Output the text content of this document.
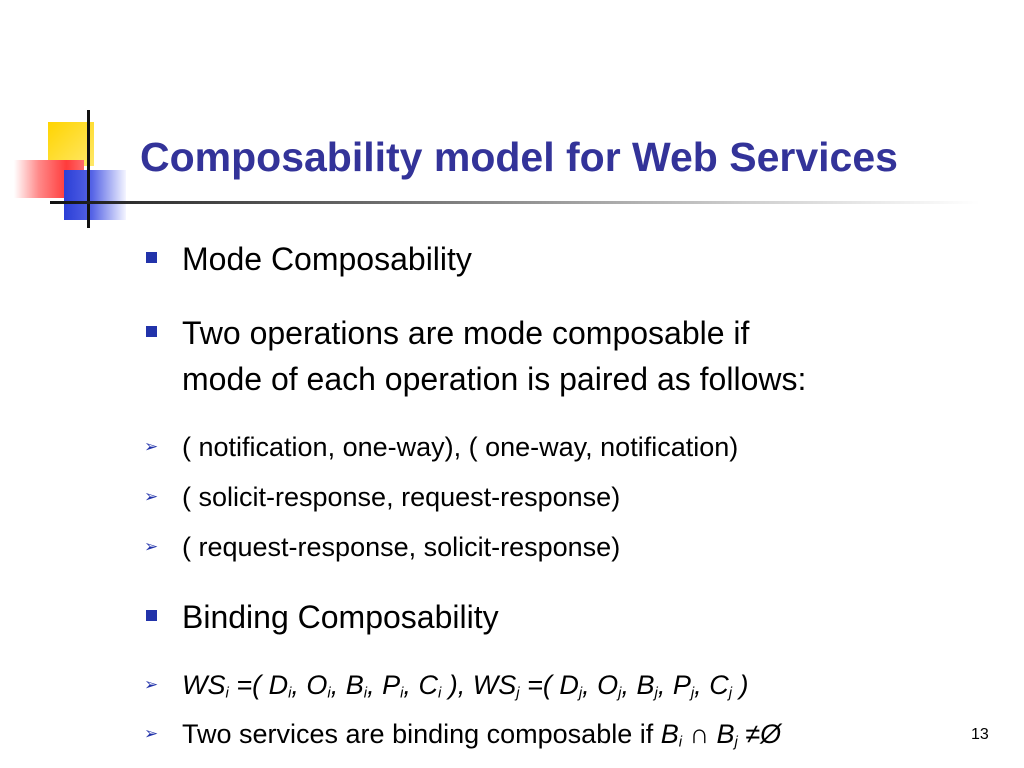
Composability model for Web Services
Mode Composability
Two operations are mode composable if
mode of each operation is paired as follows:
➢ ( notification, one-way), ( one-way, notification)
➢ ( solicit-response, request-response)
➢ ( request-response, solicit-response)
Binding Composability
➢ $WS_i$ =( $D_i$, $O_i$, $B_i$, $P_i$, $C_i$ ), $WS_j$ =( $D_j$, $O_j$, $B_j$, $P_j$, $C_j$ )
➢ Two services are binding composable if $B_i$ ∩ $B_j$ ≠Ø	13
